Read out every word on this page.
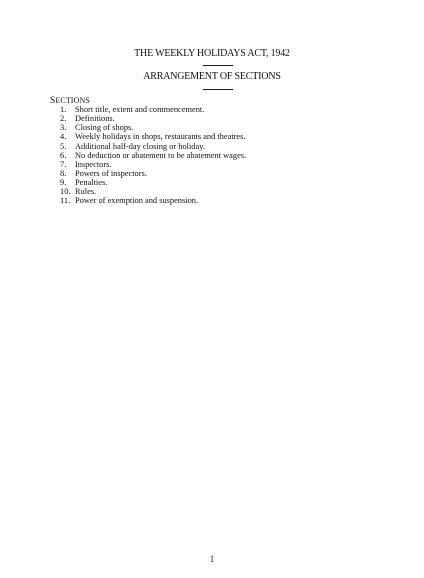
THE WEEKLY HOLIDAYS ACT, 1942
ARRANGEMENT OF SECTIONS
SECTIONS
1. Short title, extent and commencement.
2. Definitions.
3. Closing of shops.
4. Weekly holidays in shops, restaurants and theatres.
5. Additional half-day closing or holiday.
6. No deduction or abatement to be abatement wages.
7. Inspectors.
8. Powers of inspectors.
9. Penalties.
10. Rules.
11. Power of exemption and suspension.
1
